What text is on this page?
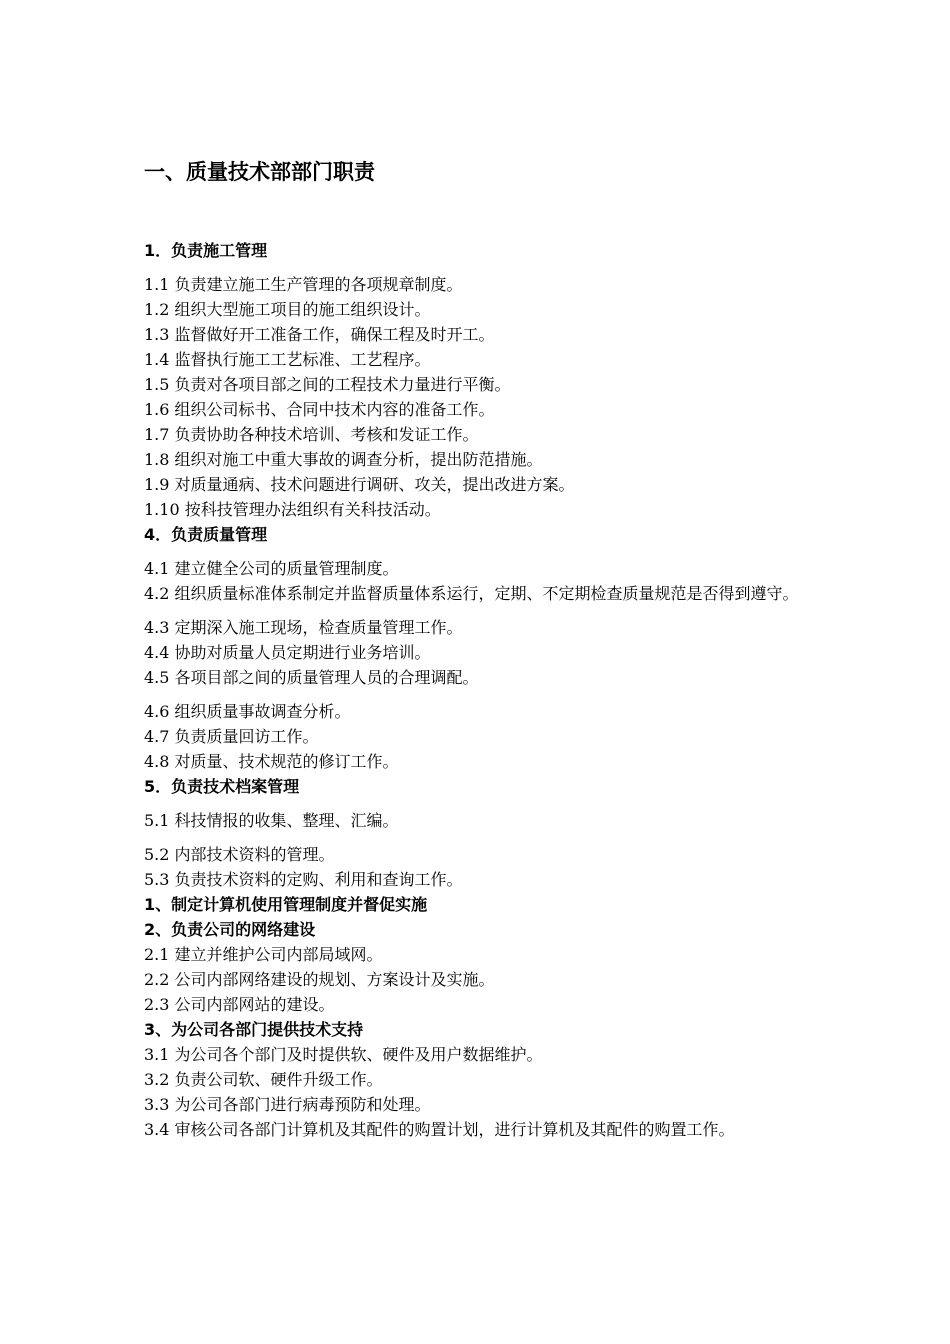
一、质量技术部部门职责
1．负责施工管理
1.1 负责建立施工生产管理的各项规章制度。
1.2 组织大型施工项目的施工组织设计。
1.3 监督做好开工准备工作，确保工程及时开工。
1.4 监督执行施工工艺标准、工艺程序。
1.5 负责对各项目部之间的工程技术力量进行平衡。
1.6 组织公司标书、合同中技术内容的准备工作。
1.7 负责协助各种技术培训、考核和发证工作。
1.8 组织对施工中重大事故的调查分析，提出防范措施。
1.9 对质量通病、技术问题进行调研、攻关，提出改进方案。
1.10 按科技管理办法组织有关科技活动。
4．负责质量管理
4.1 建立健全公司的质量管理制度。
4.2 组织质量标准体系制定并监督质量体系运行，定期、不定期检查质量规范是否得到遵守。
4.3 定期深入施工现场，检查质量管理工作。
4.4 协助对质量人员定期进行业务培训。
4.5 各项目部之间的质量管理人员的合理调配。
4.6 组织质量事故调查分析。
4.7 负责质量回访工作。
4.8 对质量、技术规范的修订工作。
5．负责技术档案管理
5.1 科技情报的收集、整理、汇编。
5.2 内部技术资料的管理。
5.3 负责技术资料的定购、利用和查询工作。
1、制定计算机使用管理制度并督促实施
2、负责公司的网络建设
2.1 建立并维护公司内部局域网。
2.2 公司内部网络建设的规划、方案设计及实施。
2.3 公司内部网站的建设。
3、为公司各部门提供技术支持
3.1 为公司各个部门及时提供软、硬件及用户数据维护。
3.2 负责公司软、硬件升级工作。
3.3 为公司各部门进行病毒预防和处理。
3.4 审核公司各部门计算机及其配件的购置计划，进行计算机及其配件的购置工作。
